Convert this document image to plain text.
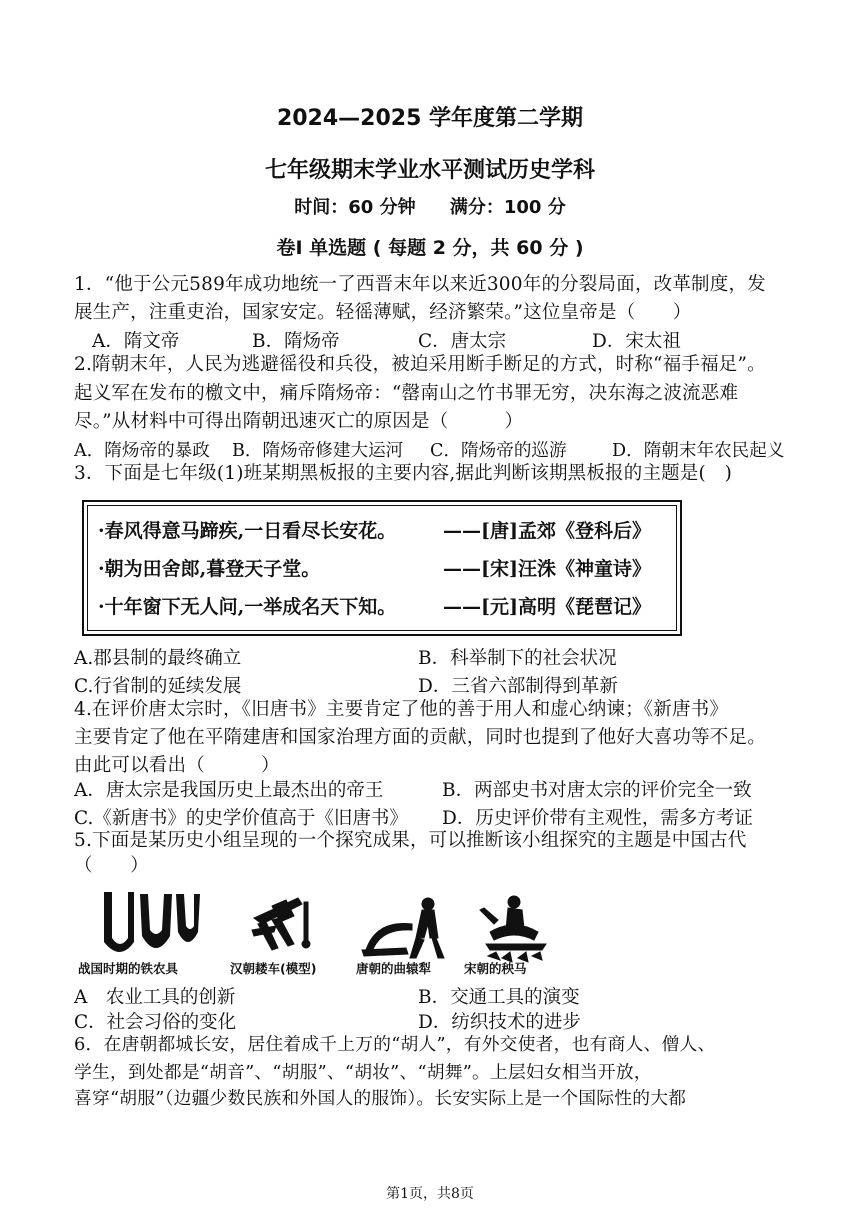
2024—2025 学年度第二学期
七年级期末学业水平测试历史学科
时间：60 分钟 满分：100 分
卷Ⅰ 单选题 ( 每题 2 分，共 60 分 )
1．“他于公元589年成功地统一了西晋末年以来近300年的分裂局面，改革制度，发
展生产，注重吏治，国家安定。轻徭薄赋，经济繁荣。”这位皇帝是（　　）
A．隋文帝	B．隋炀帝	C．唐太宗	D．宋太祖
2.隋朝末年，人民为逃避徭役和兵役，被迫采用断手断足的方式，时称“福手福足”。
起义军在发布的檄文中，痛斥隋炀帝：“罄南山之竹书罪无穷，决东海之波流恶难
尽。”从材料中可得出隋朝迅速灭亡的原因是（　　　）
A．隋炀帝的暴政 B．隋炀帝修建大运河 C．隋炀帝的巡游	D．隋朝末年农民起义
3．下面是七年级(1)班某期黑板报的主要内容,据此判断该期黑板报的主题是(　)
·春风得意马蹄疾,一日看尽长安花。 ——[唐]孟郊《登科后》
·朝为田舍郎,暮登天子堂。	——[宋]汪洙《神童诗》
·十年窗下无人问,一举成名天下知。 ——[元]高明《琵琶记》
A.郡县制的最终确立	B．科举制下的社会状况
C.行省制的延续发展	D．三省六部制得到革新
4.在评价唐太宗时，《旧唐书》主要肯定了他的善于用人和虚心纳谏；《新唐书》
主要肯定了他在平隋建唐和国家治理方面的贡献，同时也提到了他好大喜功等不足。
由此可以看出（　　　）
A．唐太宗是我国历史上最杰出的帝王	B．两部史书对唐太宗的评价完全一致
C.《新唐书》的史学价值高于《旧唐书》 D．历史评价带有主观性，需多方考证
5.下面是某历史小组呈现的一个探究成果，可以推断该小组探究的主题是中国古代
（　　）
战国时期的铁农具	汉朝耧车(模型)	唐朝的曲辕犁	宋朝的秧马
A　农业工具的创新	B．交通工具的演变
C．社会习俗的变化	D．纺织技术的进步
6．在唐朝都城长安，居住着成千上万的“胡人”，有外交使者，也有商人、僧人、
学生，到处都是“胡音”、“胡服”、“胡妆”、“胡舞”。上层妇女相当开放，
喜穿“胡服”（边疆少数民族和外国人的服饰）。长安实际上是一个国际性的大都
第1页，共8页
